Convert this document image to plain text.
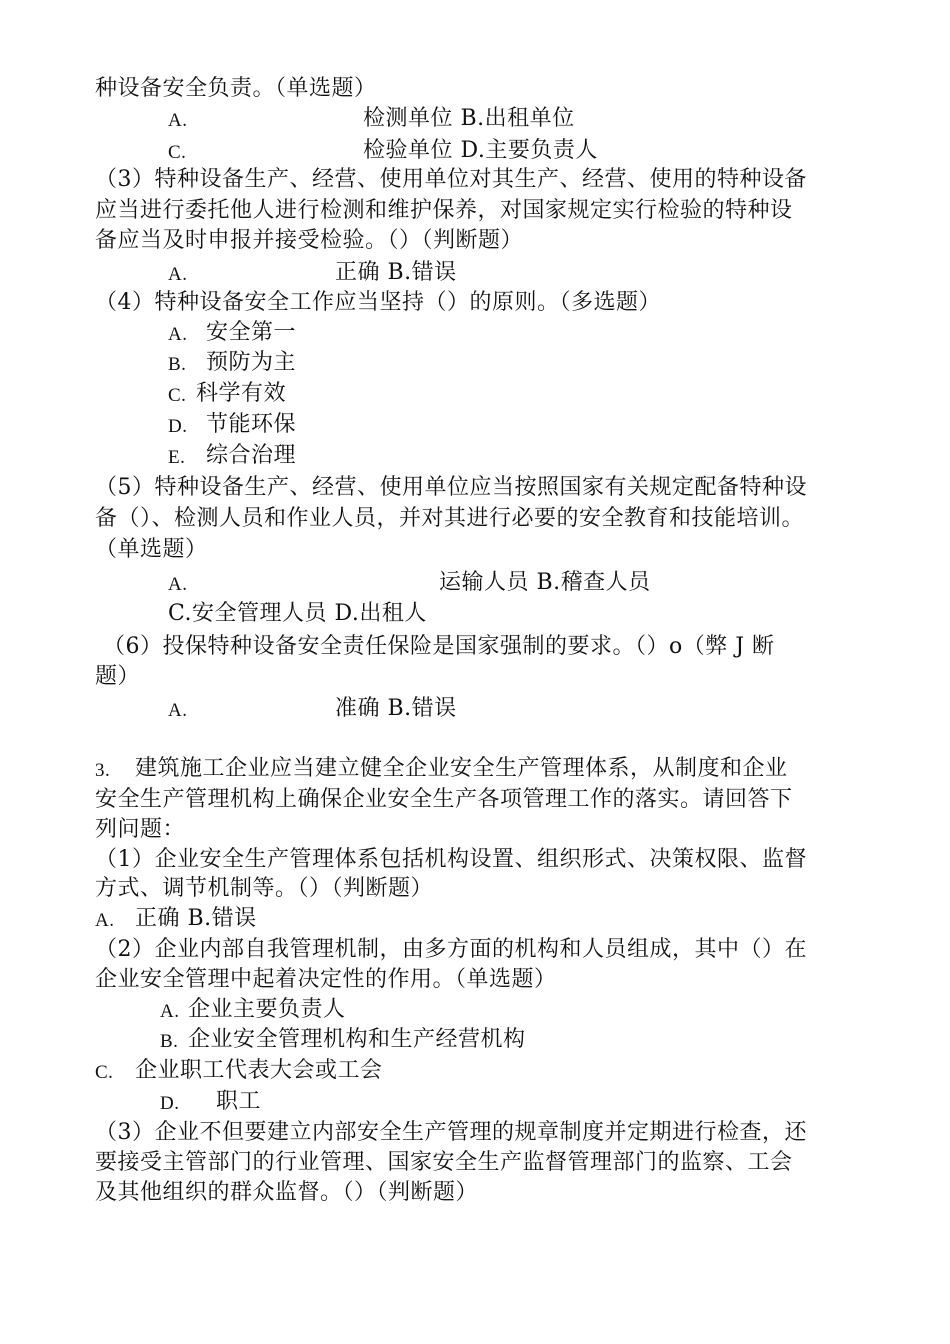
种设备安全负责。（单选题）
A.	检测单位 B.出租单位
C.	检验单位 D.主要负责人
（3）特种设备生产、经营、使用单位对其生产、经营、使用的特种设备
应当进行委托他人进行检测和维护保养，对国家规定实行检验的特种设
备应当及时申报并接受检验。（）（判断题）
A.	正确 B.错误
（4）特种设备安全工作应当坚持（）的原则。（多选题）
A. 安全第一
B. 预防为主
C. 科学有效
D. 节能环保
E. 综合治理
（5）特种设备生产、经营、使用单位应当按照国家有关规定配备特种设
备（）、检测人员和作业人员，并对其进行必要的安全教育和技能培训。
（单选题）
A.	运输人员 B.稽查人员
C.安全管理人员 D.出租人
（6）投保特种设备安全责任保险是国家强制的要求。（）o（弊 J 断
题）
A.	准确 B.错误
3. 建筑施工企业应当建立健全企业安全生产管理体系，从制度和企业
安全生产管理机构上确保企业安全生产各项管理工作的落实。请回答下
列问题：
（1）企业安全生产管理体系包括机构设置、组织形式、决策权限、监督
方式、调节机制等。（）（判断题）
A. 正确 B.错误
（2）企业内部自我管理机制，由多方面的机构和人员组成，其中（）在
企业安全管理中起着决定性的作用。（单选题）
A. 企业主要负责人
B. 企业安全管理机构和生产经营机构
C. 企业职工代表大会或工会
D. 职工
（3）企业不但要建立内部安全生产管理的规章制度并定期进行检查，还
要接受主管部门的行业管理、国家安全生产监督管理部门的监察、工会
及其他组织的群众监督。（）（判断题）
